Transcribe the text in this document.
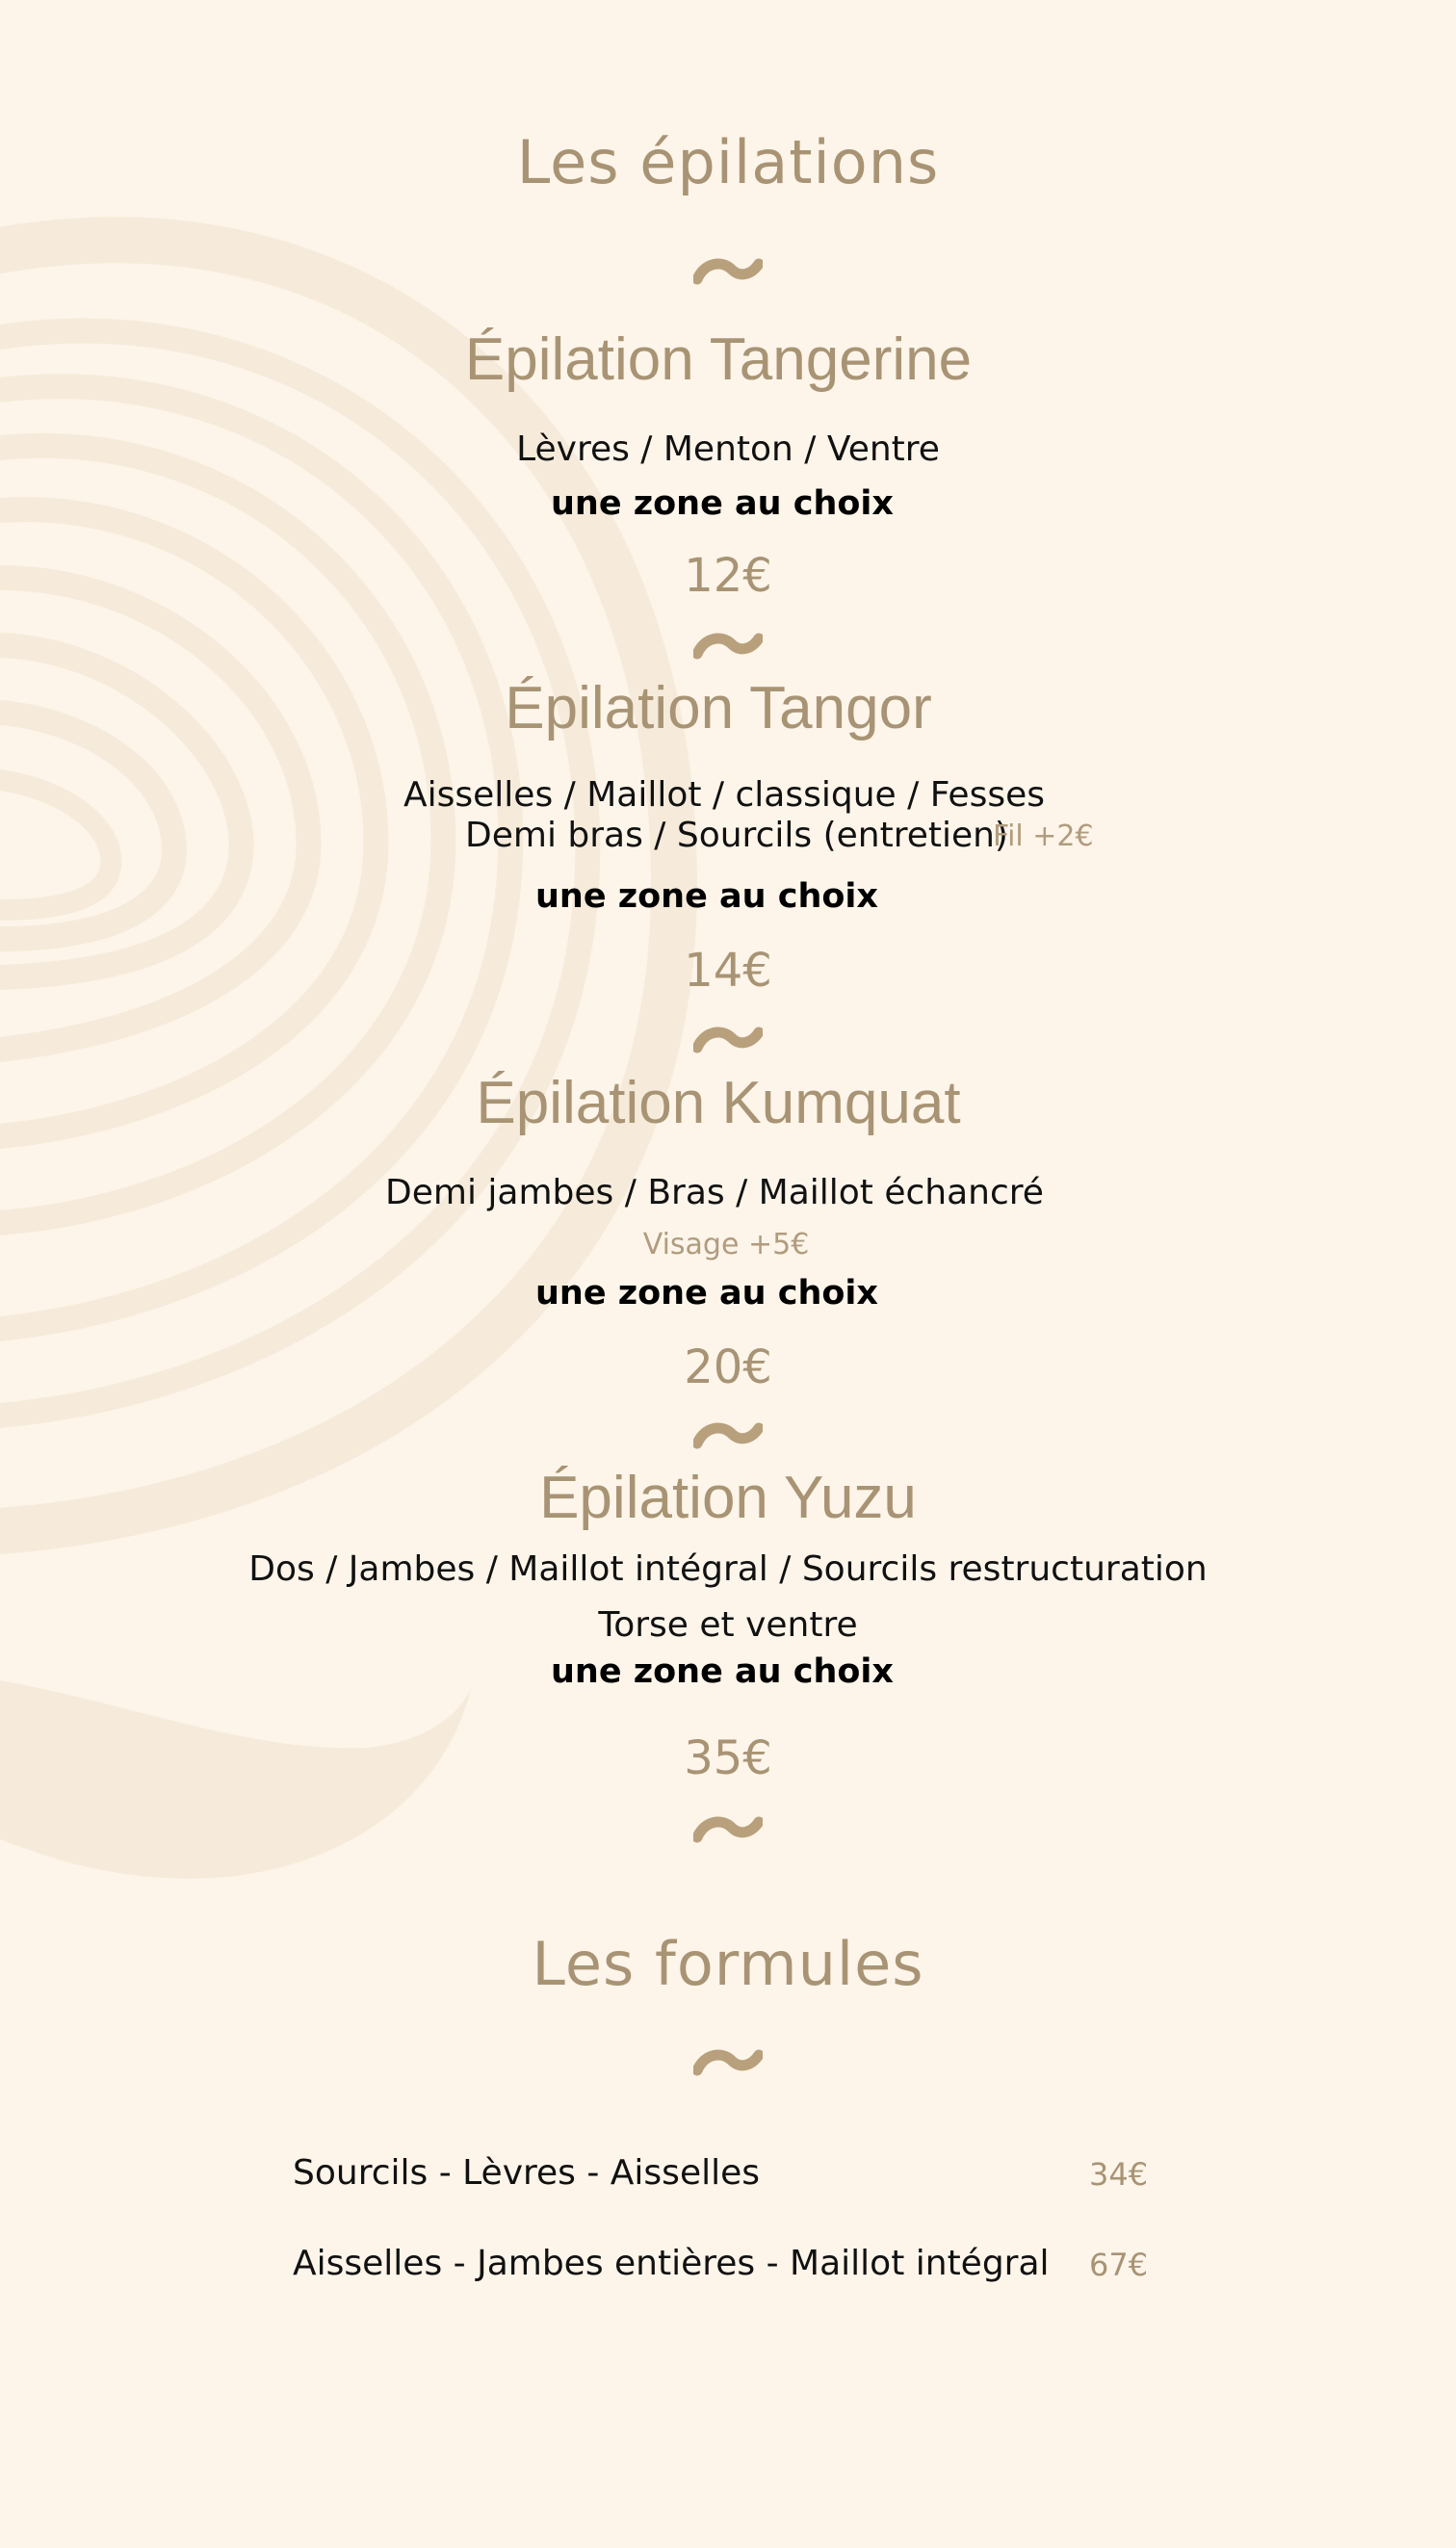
Les épilations
Épilation Tangerine
Lèvres / Menton / Ventre
une zone au choix
12€
Épilation Tangor
Aisselles / Maillot / classique / Fesses
Demi bras / Sourcils (entretien)
Fil +2€
une zone au choix
14€
Épilation Kumquat
Demi jambes / Bras / Maillot échancré
Visage +5€
une zone au choix
20€
Épilation Yuzu
Dos / Jambes / Maillot intégral / Sourcils restructuration
Torse et ventre
une zone au choix
35€
Les formules
Sourcils - Lèvres - Aisselles	34€
Aisselles - Jambes entières - Maillot intégral 67€
